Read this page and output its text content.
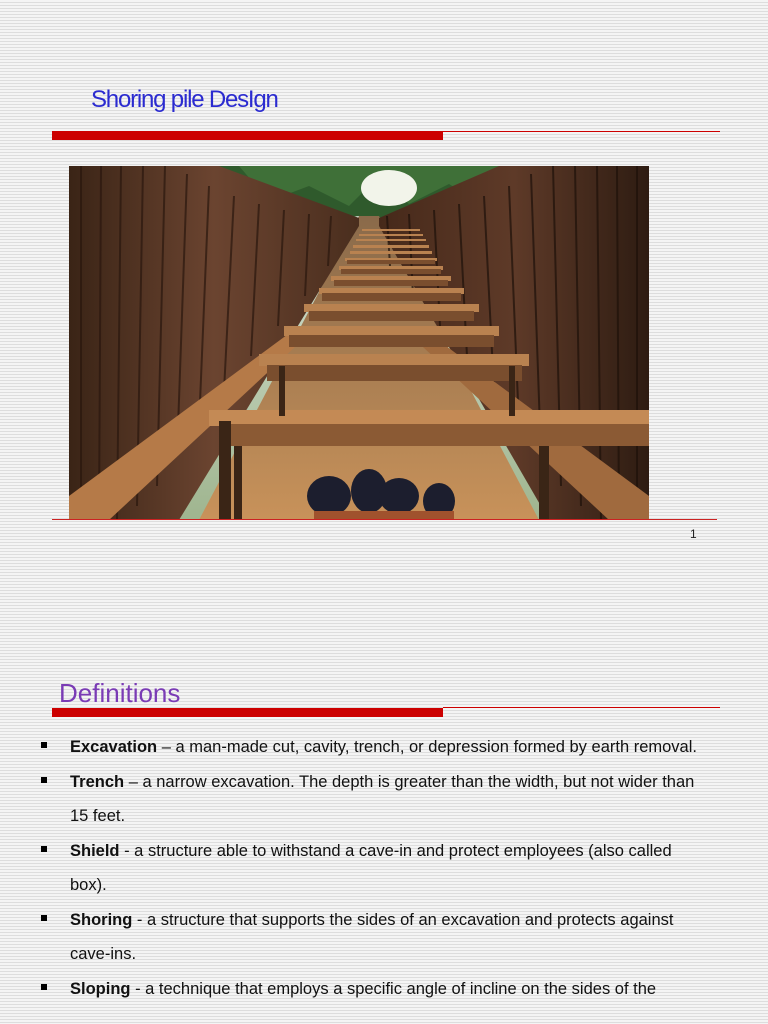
Shoring pile DesIgn
1
Definitions
Excavation – a man-made cut, cavity, trench, or depression formed by earth removal.
Trench – a narrow excavation. The depth is greater than the width, but not wider than 15 feet.
Shield - a structure able to withstand a cave-in and protect employees (also called box).
Shoring - a structure that supports the sides of an excavation and protects against cave-ins.
Sloping - a technique that employs a specific angle of incline on the sides of the
